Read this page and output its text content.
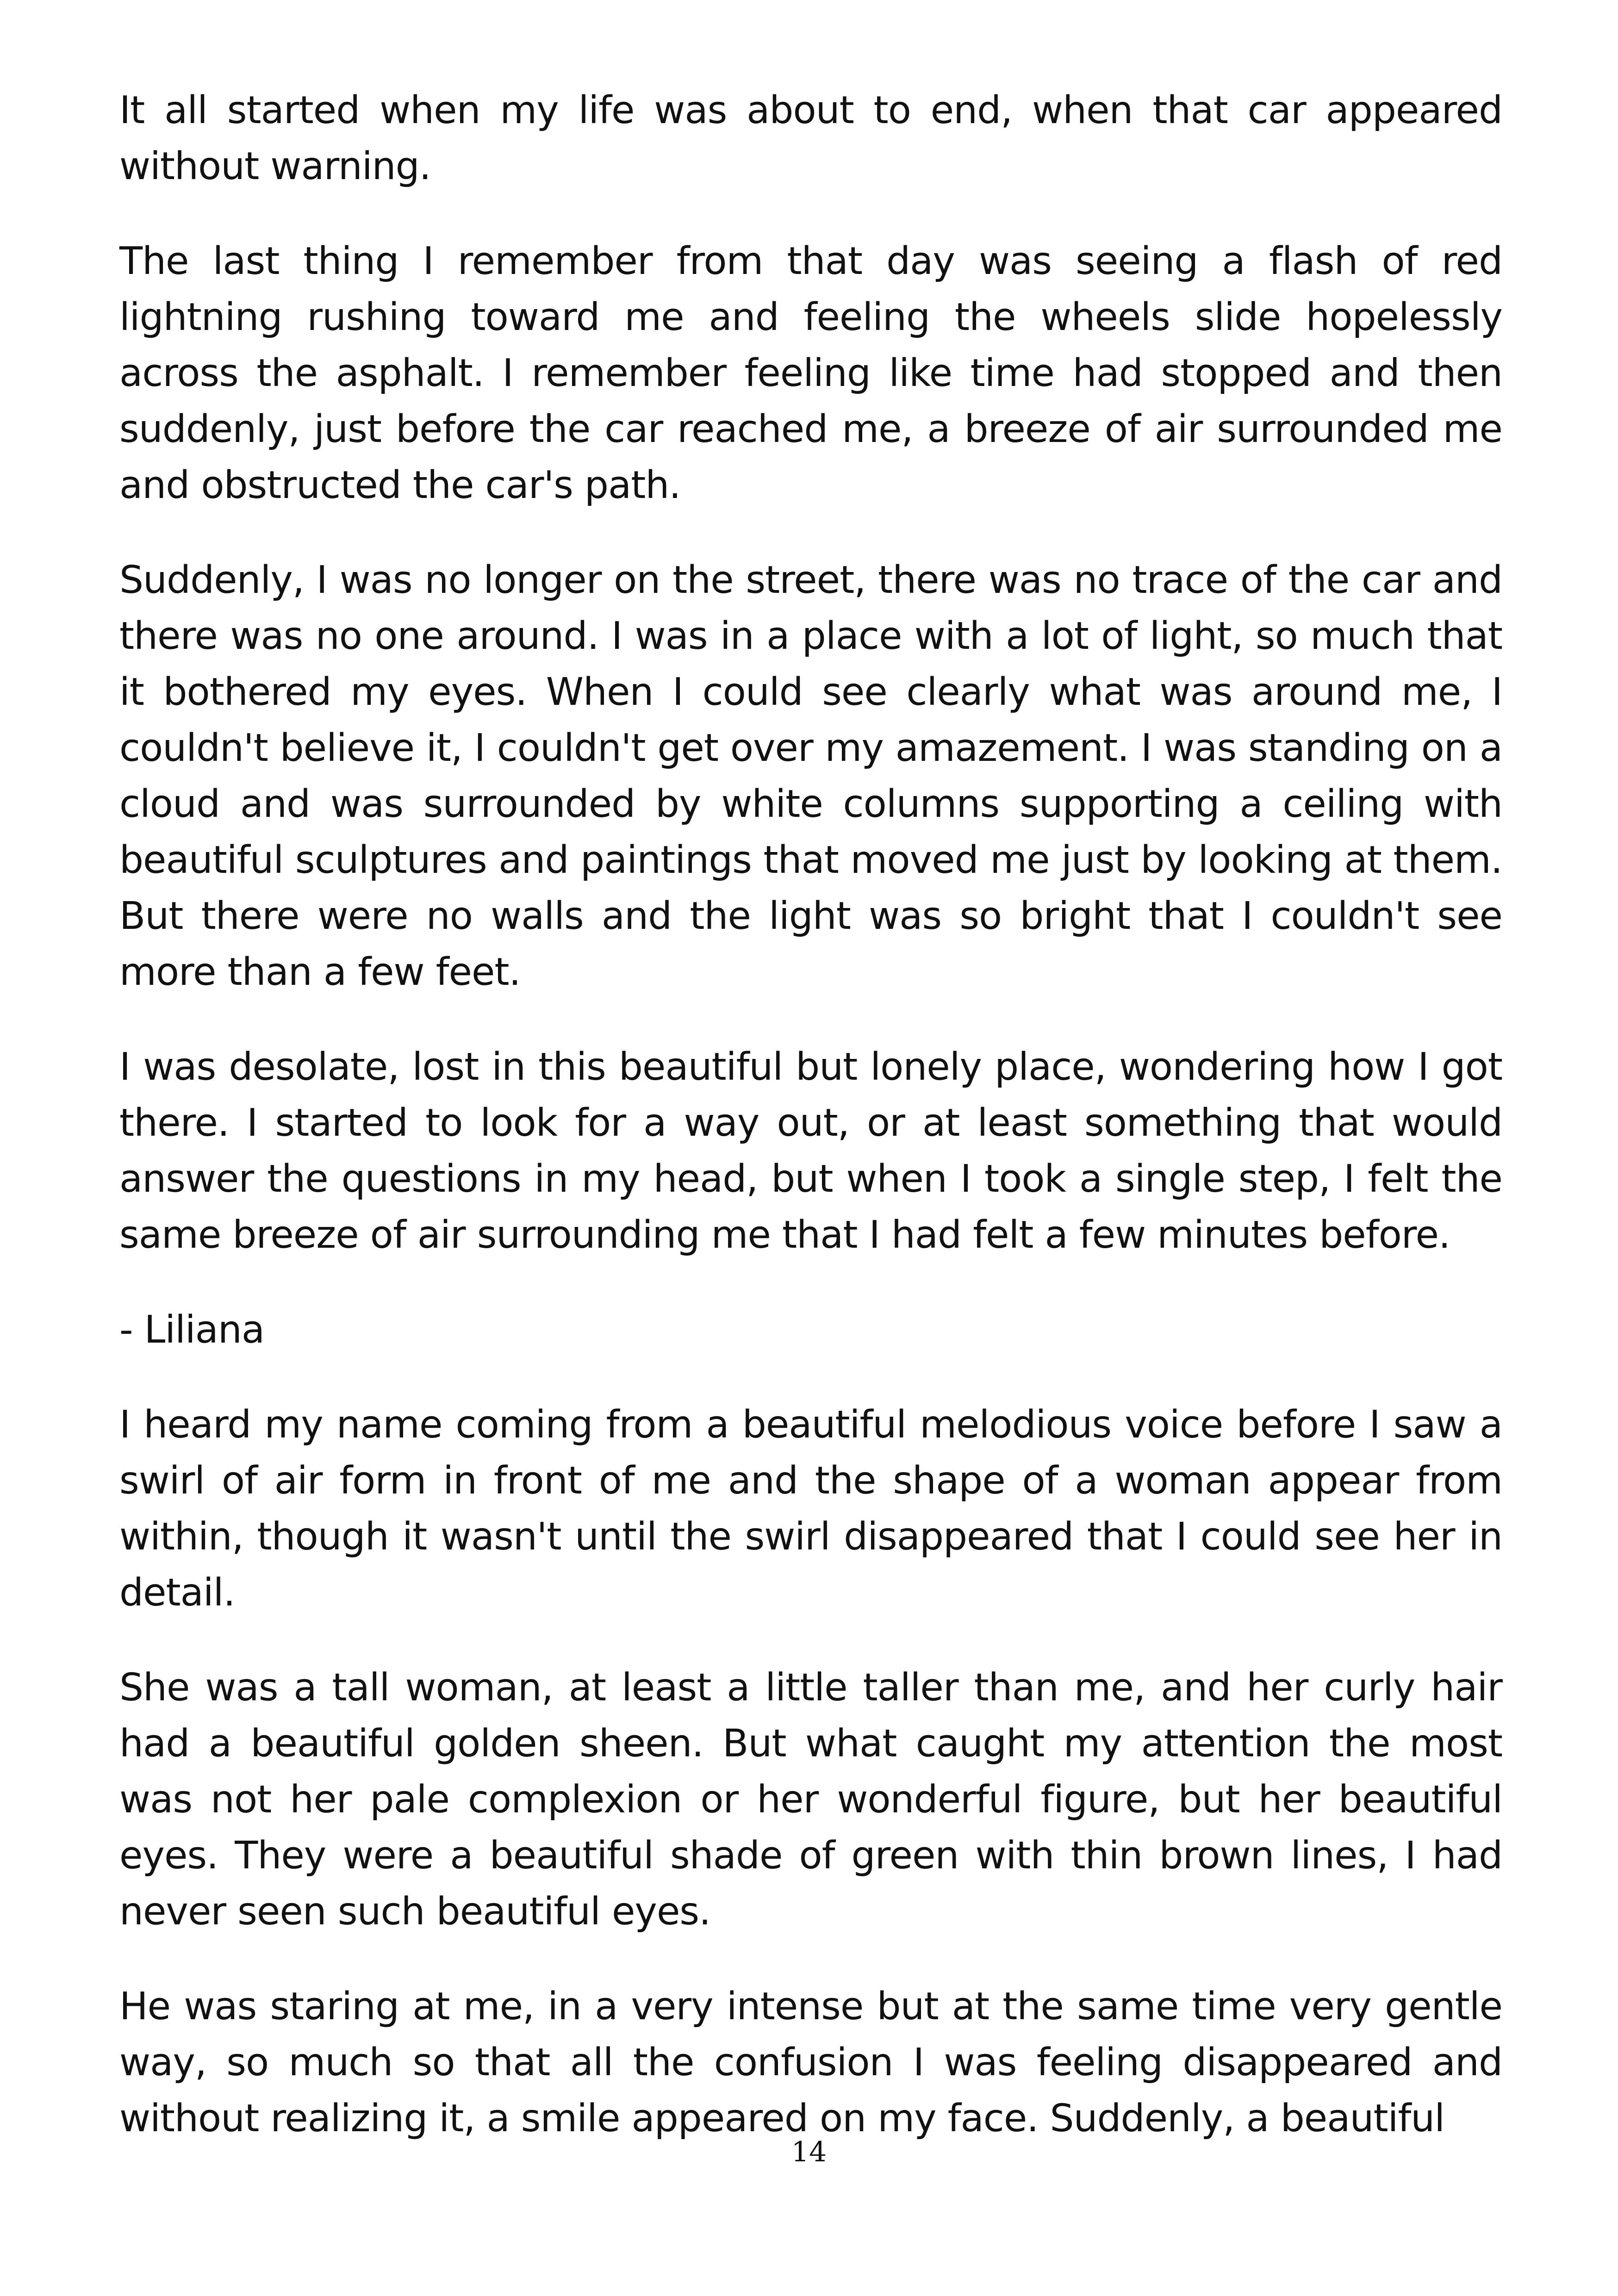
It all started when my life was about to end, when that car appeared without warning.

The last thing I remember from that day was seeing a flash of red lightning rushing toward me and feeling the wheels slide hopelessly across the asphalt. I remember feeling like time had stopped and then suddenly, just before the car reached me, a breeze of air surrounded me and obstructed the car's path.

Suddenly, I was no longer on the street, there was no trace of the car and there was no one around. I was in a place with a lot of light, so much that it bothered my eyes. When I could see clearly what was around me, I couldn't believe it, I couldn't get over my amazement. I was standing on a cloud and was surrounded by white columns supporting a ceiling with beautiful sculptures and paintings that moved me just by looking at them. But there were no walls and the light was so bright that I couldn't see more than a few feet.

I was desolate, lost in this beautiful but lonely place, wondering how I got there. I started to look for a way out, or at least something that would answer the questions in my head, but when I took a single step, I felt the same breeze of air surrounding me that I had felt a few minutes before.

- Liliana

I heard my name coming from a beautiful melodious voice before I saw a swirl of air form in front of me and the shape of a woman appear from within, though it wasn't until the swirl disappeared that I could see her in detail.

She was a tall woman, at least a little taller than me, and her curly hair had a beautiful golden sheen. But what caught my attention the most was not her pale complexion or her wonderful figure, but her beautiful eyes. They were a beautiful shade of green with thin brown lines, I had never seen such beautiful eyes.

He was staring at me, in a very intense but at the same time very gentle way, so much so that all the confusion I was feeling disappeared and without realizing it, a smile appeared on my face. Suddenly, a beautiful

14
